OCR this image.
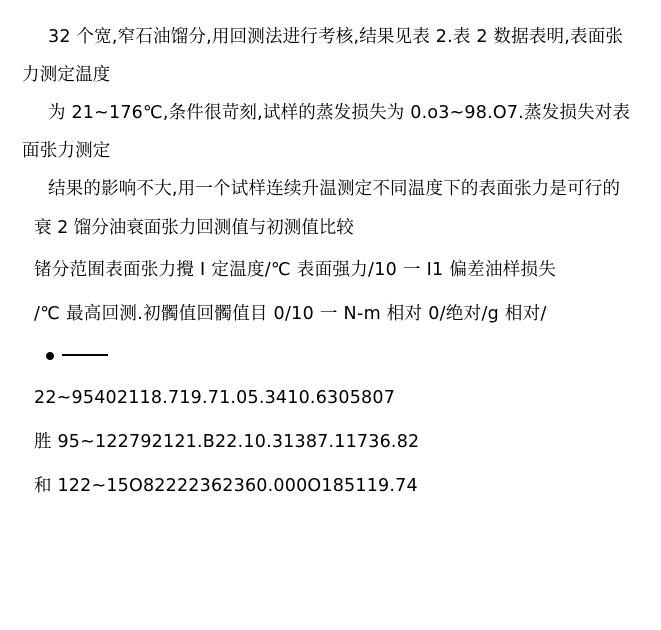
32 个宽,窄石油馏分,用回测法进行考核,结果见表 2.表 2 数据表明,表面张力测定温度

为 21~176℃,条件很苛刻,试样的蒸发损失为 0.o3~98.O7.蒸发损失对表面张力测定

结果的影响不大,用一个试样连续升温测定不同温度下的表面张力是可行的

衰 2 馏分油衰面张力回测值与初测值比较

锗分范囿表面张力攪 I 定温度/℃ 表面强力/10 一 I1 偏差油样损失

/℃ 最高回测.初髑值回髑值目 0/10 一 N-m 相对 0/绝对/g 相对/

22~95402118.719.71.05.3410.6305807

胜 95~122792121.B22.10.31387.11736.82

和 122~15O82222362360.000O185119.74
